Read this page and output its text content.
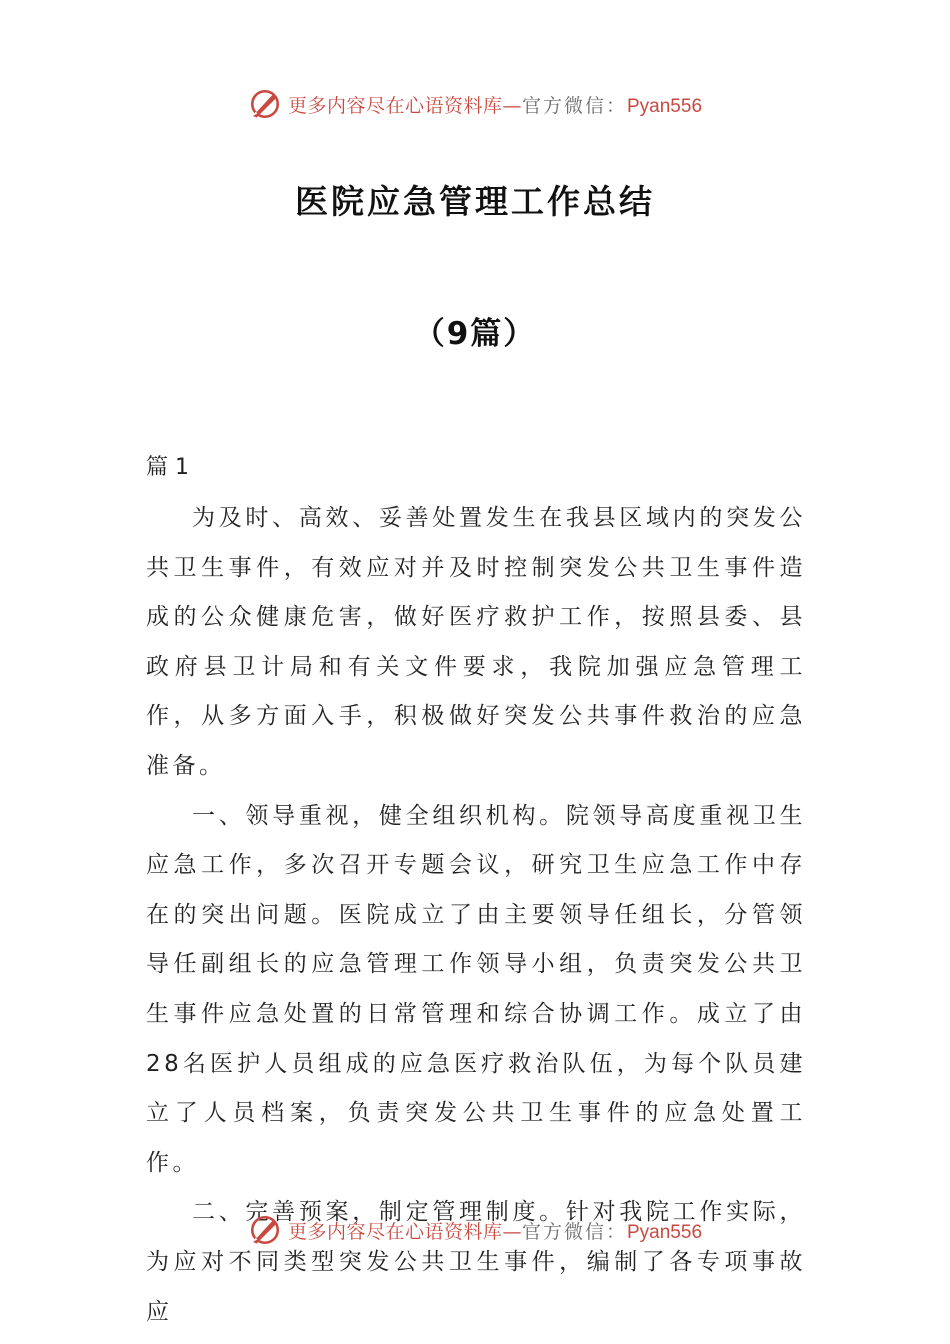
更多内容尽在心语资料库—官方微信：Pyan556
医院应急管理工作总结
（9篇）
篇 1

为及时、高效、妥善处置发生在我县区域内的突发公共卫生事件，有效应对并及时控制突发公共卫生事件造成的公众健康危害，做好医疗救护工作，按照县委、县政府县卫计局和有关文件要求，我院加强应急管理工作，从多方面入手，积极做好突发公共事件救治的应急准备。

一、领导重视，健全组织机构。院领导高度重视卫生应急工作，多次召开专题会议，研究卫生应急工作中存在的突出问题。医院成立了由主要领导任组长，分管领导任副组长的应急管理工作领导小组，负责突发公共卫生事件应急处置的日常管理和综合协调工作。成立了由28名医护人员组成的应急医疗救治队伍，为每个队员建立了人员档案，负责突发公共卫生事件的应急处置工作。

二、完善预案，制定管理制度。针对我院工作实际，为应对不同类型突发公共卫生事件，编制了各专项事故应

更多内容尽在心语资料库—官方微信：Pyan556
